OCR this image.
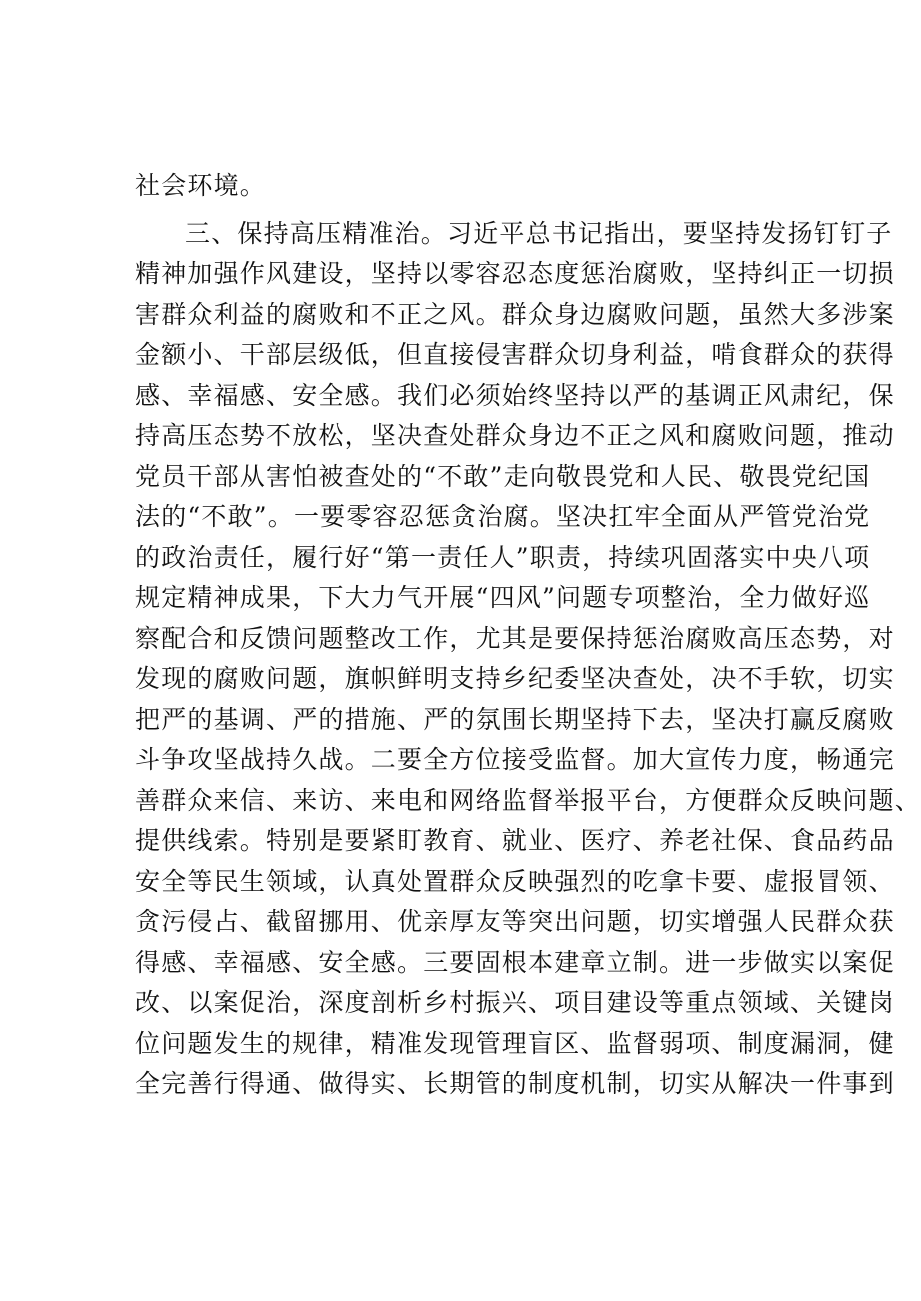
社会环境。
三、保持高压精准治。习近平总书记指出，要坚持发扬钉钉子
精神加强作风建设，坚持以零容忍态度惩治腐败，坚持纠正一切损
害群众利益的腐败和不正之风。群众身边腐败问题，虽然大多涉案
金额小、干部层级低，但直接侵害群众切身利益，啃食群众的获得
感、幸福感、安全感。我们必须始终坚持以严的基调正风肃纪，保
持高压态势不放松，坚决查处群众身边不正之风和腐败问题，推动
党员干部从害怕被查处的“不敢”走向敬畏党和人民、敬畏党纪国
法的“不敢”。一要零容忍惩贪治腐。坚决扛牢全面从严管党治党
的政治责任，履行好“第一责任人”职责，持续巩固落实中央八项
规定精神成果，下大力气开展“四风”问题专项整治，全力做好巡
察配合和反馈问题整改工作，尤其是要保持惩治腐败高压态势，对
发现的腐败问题，旗帜鲜明支持乡纪委坚决查处，决不手软，切实
把严的基调、严的措施、严的氛围长期坚持下去，坚决打赢反腐败
斗争攻坚战持久战。二要全方位接受监督。加大宣传力度，畅通完
善群众来信、来访、来电和网络监督举报平台，方便群众反映问题、
提供线索。特别是要紧盯教育、就业、医疗、养老社保、食品药品
安全等民生领域，认真处置群众反映强烈的吃拿卡要、虚报冒领、
贪污侵占、截留挪用、优亲厚友等突出问题，切实增强人民群众获
得感、幸福感、安全感。三要固根本建章立制。进一步做实以案促
改、以案促治，深度剖析乡村振兴、项目建设等重点领域、关键岗
位问题发生的规律，精准发现管理盲区、监督弱项、制度漏洞，健
全完善行得通、做得实、长期管的制度机制，切实从解决一件事到
